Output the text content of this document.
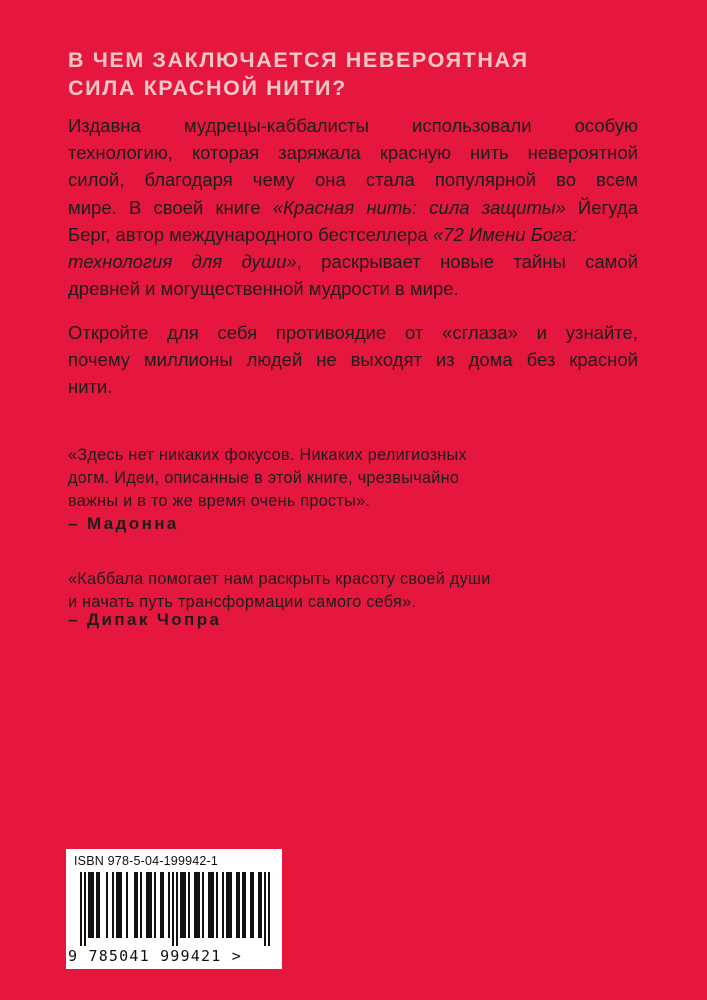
В ЧЕМ ЗАКЛЮЧАЕТСЯ НЕВЕРОЯТНАЯ
СИЛА КРАСНОЙ НИТИ?
Издавна мудрецы-каббалисты использовали особую
технологию, которая заряжала красную нить невероятной
силой, благодаря чему она стала популярной во всем
мире. В своей книге «Красная нить: сила защиты» Йегуда
Берг, автор международного бестселлера «72 Имени Бога:
технология для души», раскрывает новые тайны самой
древней и могущественной мудрости в мире.
Откройте для себя противоядие от «сглаза» и узнайте,
почему миллионы людей не выходят из дома без красной
нити.
«Здесь нет никаких фокусов. Никаких религиозных
догм. Идеи, описанные в этой книге, чрезвычайно
важны и в то же время очень просты».
– Мадонна
«Каббала помогает нам раскрыть красоту своей души
и начать путь трансформации самого себя».
– Дипак Чопра
ISBN 978-5-04-199942-1
9 785041 999421 >
